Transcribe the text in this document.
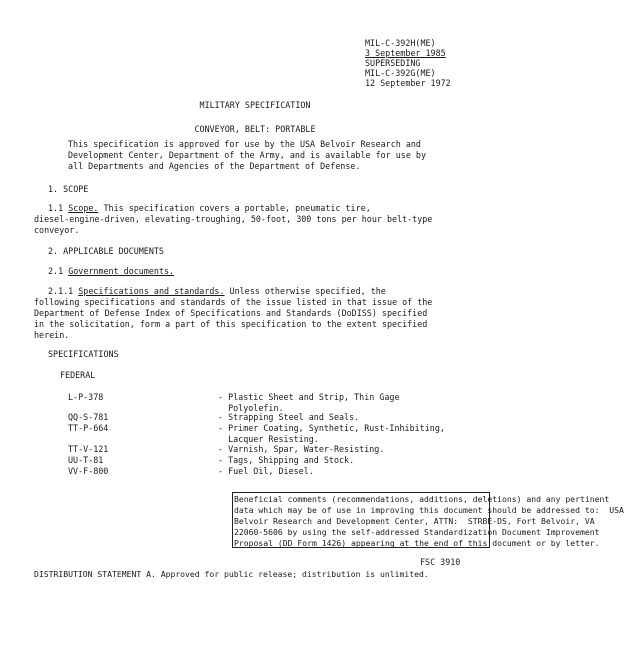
MIL-C-392H(ME)
3 September 1985
SUPERSEDING
MIL-C-392G(ME)
12 September 1972
MILITARY SPECIFICATION
CONVEYOR, BELT: PORTABLE
This specification is approved for use by the USA Belvoir Research and
Development Center, Department of the Army, and is available for use by
all Departments and Agencies of the Department of Defense.
1. SCOPE
1.1 Scope. This specification covers a portable, pneumatic tire,
diesel-engine-driven, elevating-troughing, 50-foot, 300 tons per hour belt-type
conveyor.
2. APPLICABLE DOCUMENTS
2.1 Government documents.
2.1.1 Specifications and standards. Unless otherwise specified, the
following specifications and standards of the issue listed in that issue of the
Department of Defense Index of Specifications and Standards (DoDISS) specified
in the solicitation, form a part of this specification to the extent specified
herein.
SPECIFICATIONS
FEDERAL
L-P-378	- Plastic Sheet and Strip, Thin Gage
Polyolefin.
QQ-S-781	- Strapping Steel and Seals.
TT-P-664	- Primer Coating, Synthetic, Rust-Inhibiting,
Lacquer Resisting.
TT-V-121	- Varnish, Spar, Water-Resisting.
UU-T-81	- Tags, Shipping and Stock.
VV-F-800	- Fuel Oil, Diesel.
Beneficial comments (recommendations, additions, deletions) and any pertinent
data which may be of use in improving this document should be addressed to:  USA
Belvoir Research and Development Center, ATTN:  STRBE-DS, Fort Belvoir, VA
22060-5606 by using the self-addressed Standardization Document Improvement
Proposal (DD Form 1426) appearing at the end of this document or by letter.
FSC 3910
DISTRIBUTION STATEMENT A. Approved for public release; distribution is unlimited.
